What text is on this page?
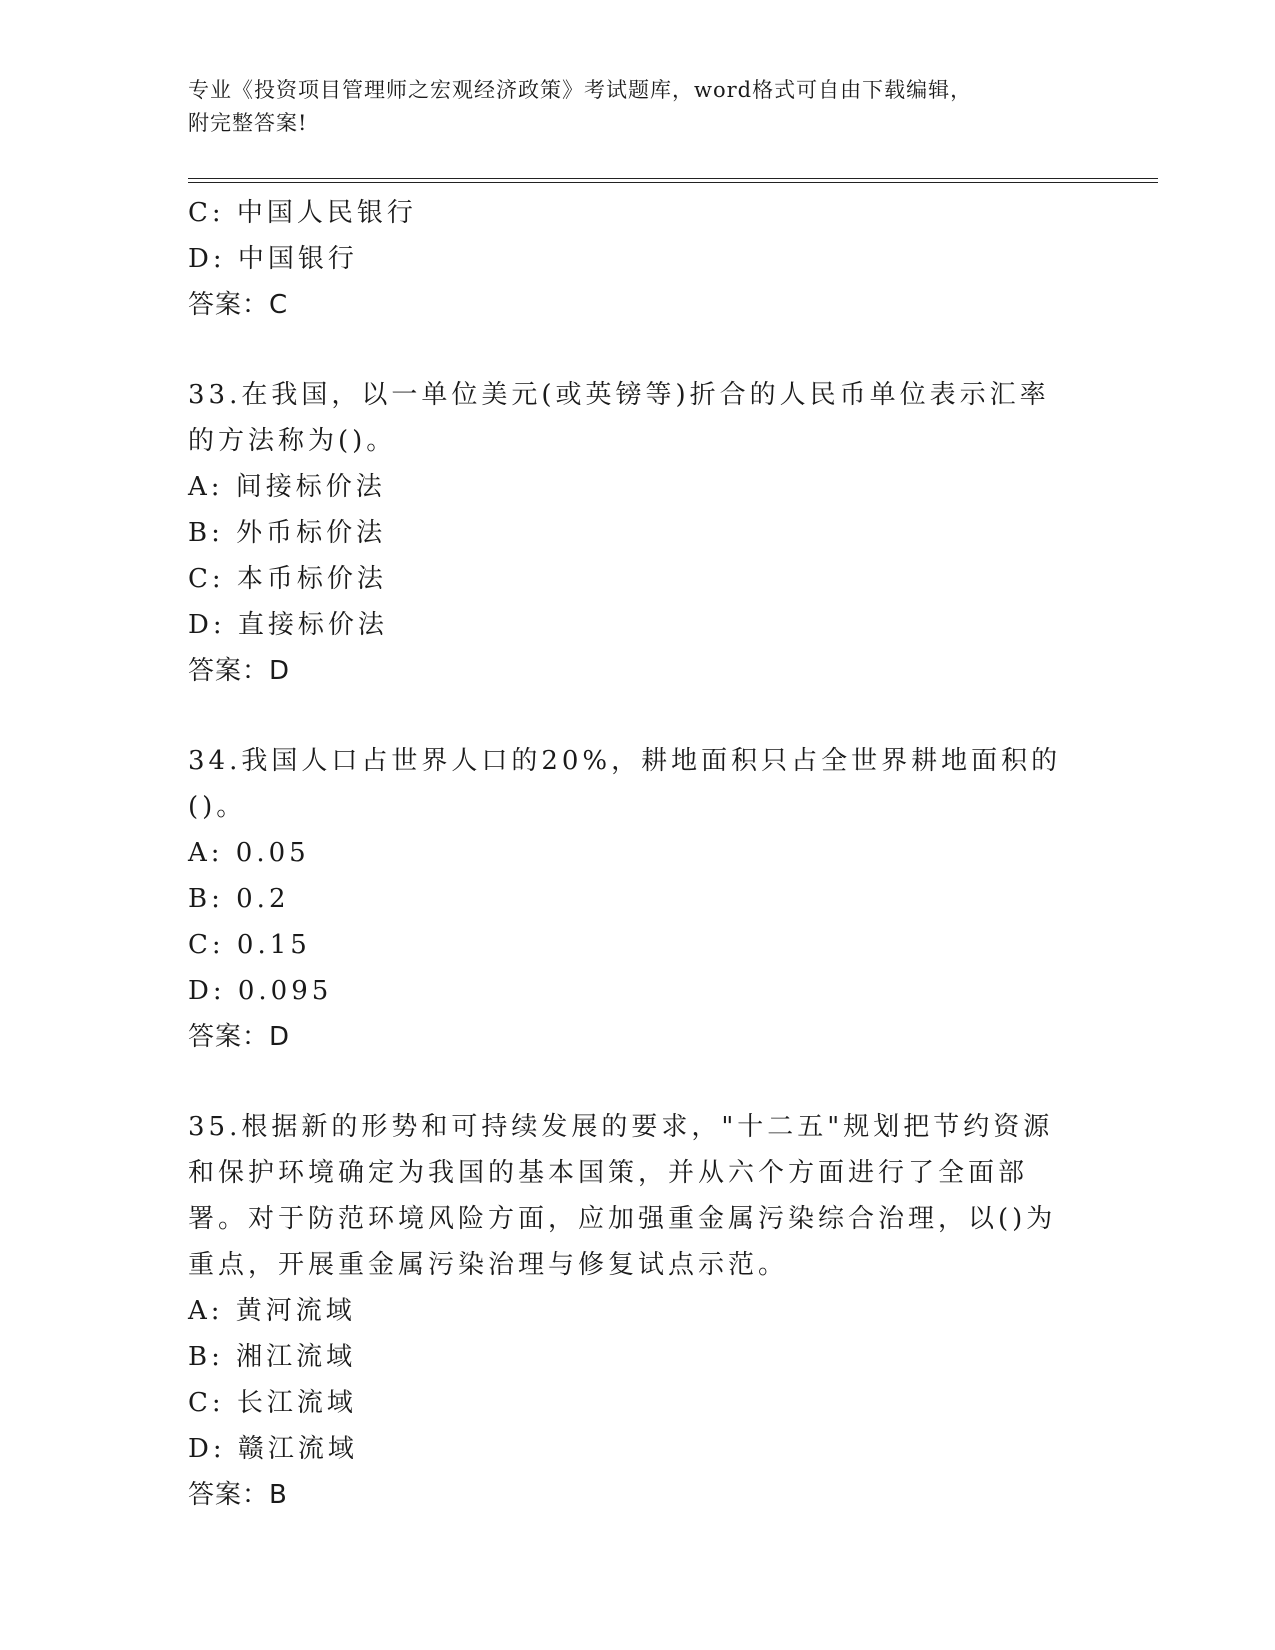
专业《投资项目管理师之宏观经济政策》考试题库，word格式可自由下载编辑，
附完整答案!
C: 中国人民银行
D: 中国银行
答案：C
33.在我国，以一单位美元(或英镑等)折合的人民币单位表示汇率的方法称为()。
A: 间接标价法
B: 外币标价法
C: 本币标价法
D: 直接标价法
答案：D
34.我国人口占世界人口的20%，耕地面积只占全世界耕地面积的()。
A: 0.05
B: 0.2
C: 0.15
D: 0.095
答案：D
35.根据新的形势和可持续发展的要求，"十二五"规划把节约资源和保护环境确定为我国的基本国策，并从六个方面进行了全面部署。对于防范环境风险方面，应加强重金属污染综合治理，以()为重点，开展重金属污染治理与修复试点示范。
A: 黄河流域
B: 湘江流域
C: 长江流域
D: 赣江流域
答案：B
